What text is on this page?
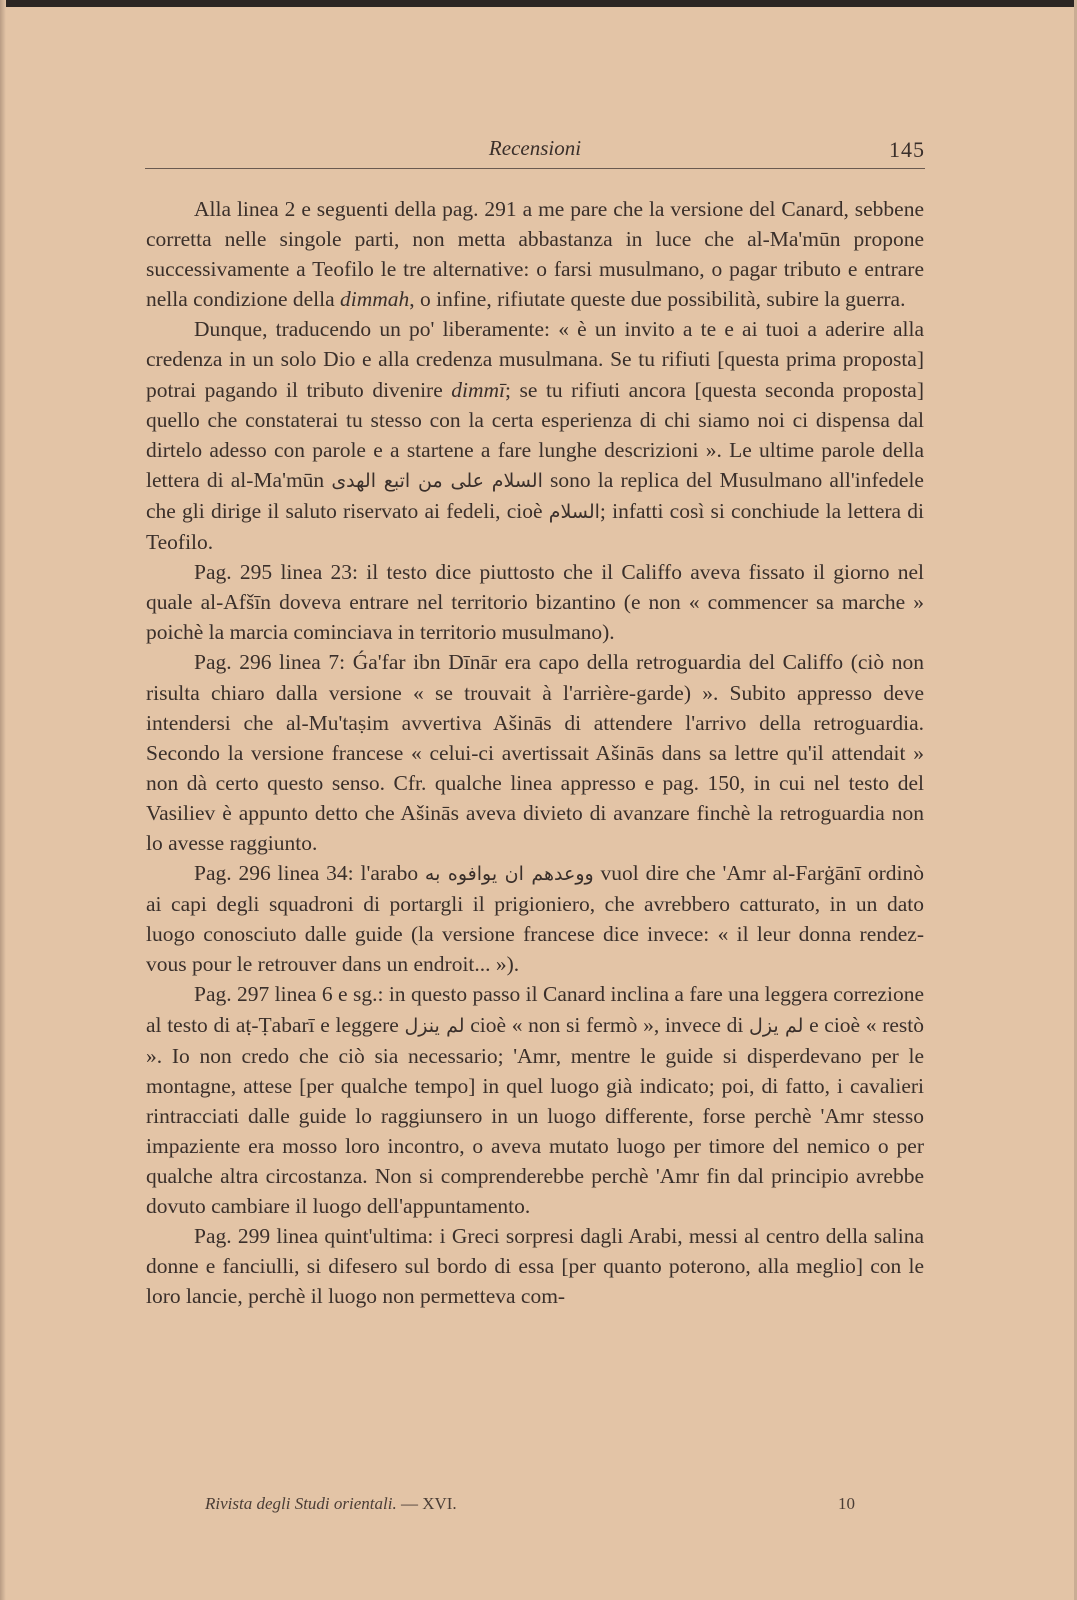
Recensioni	145

Alla linea 2 e seguenti della pag. 291 a me pare che la versione del Canard, sebbene corretta nelle singole parti, non metta abbastanza in luce che al-Ma'mūn propone successivamente a Teofilo le tre alternative: o farsi musulmano, o pagar tributo e entrare nella condizione della dimmah, o infine, rifiutate queste due possibilità, subire la guerra.

Dunque, traducendo un po' liberamente: « è un invito a te e ai tuoi a aderire alla credenza in un solo Dio e alla credenza musulmana. Se tu rifiuti [questa prima proposta] potrai pagando il tributo divenire dimmī; se tu rifiuti ancora [questa seconda proposta] quello che constaterai tu stesso con la certa esperienza di chi siamo noi ci dispensa dal dirtelo adesso con parole e a startene a fare lunghe descrizioni ». Le ultime parole della lettera di al-Ma'mūn السلام على من اتبع الهدى sono la replica del Musulmano all'infedele che gli dirige il saluto riservato ai fedeli, cioè السلام; infatti così si conchiude la lettera di Teofilo.

Pag. 295 linea 23: il testo dice piuttosto che il Califfo aveva fissato il giorno nel quale al-Afšīn doveva entrare nel territorio bizantino (e non « commencer sa marche » poichè la marcia cominciava in territorio musulmano).

Pag. 296 linea 7: Ǵa'far ibn Dīnār era capo della retroguardia del Califfo (ciò non risulta chiaro dalla versione « se trouvait à l'arrière-garde) ». Subito appresso deve intendersi che al-Mu'taṣim avvertiva Ašinās di attendere l'arrivo della retroguardia. Secondo la versione francese « celui-ci avertissait Ašinās dans sa lettre qu'il attendait » non dà certo questo senso. Cfr. qualche linea appresso e pag. 150, in cui nel testo del Vasiliev è appunto detto che Ašinās aveva divieto di avanzare finchè la retroguardia non lo avesse raggiunto.

Pag. 296 linea 34: l'arabo ووعدهم ان يوافوه به vuol dire che 'Amr al-Farġānī ordinò ai capi degli squadroni di portargli il prigioniero, che avrebbero catturato, in un dato luogo conosciuto dalle guide (la versione francese dice invece: « il leur donna rendez-vous pour le retrouver dans un endroit... »).

Pag. 297 linea 6 e sg.: in questo passo il Canard inclina a fare una leggera correzione al testo di aṭ-Ṭabarī e leggere لم ينزل cioè « non si fermò », invece di لم يزل e cioè « restò ». Io non credo che ciò sia necessario; 'Amr, mentre le guide si disperdevano per le montagne, attese [per qualche tempo] in quel luogo già indicato; poi, di fatto, i cavalieri rintracciati dalle guide lo raggiunsero in un luogo differente, forse perchè 'Amr stesso impaziente era mosso loro incontro, o aveva mutato luogo per timore del nemico o per qualche altra circostanza. Non si comprenderebbe perchè 'Amr fin dal principio avrebbe dovuto cambiare il luogo dell'appuntamento.

Pag. 299 linea quint'ultima: i Greci sorpresi dagli Arabi, messi al centro della salina donne e fanciulli, si difesero sul bordo di essa [per quanto poterono, alla meglio] con le loro lancie, perchè il luogo non permetteva com-

Rivista degli Studi orientali. — XVI.	10
